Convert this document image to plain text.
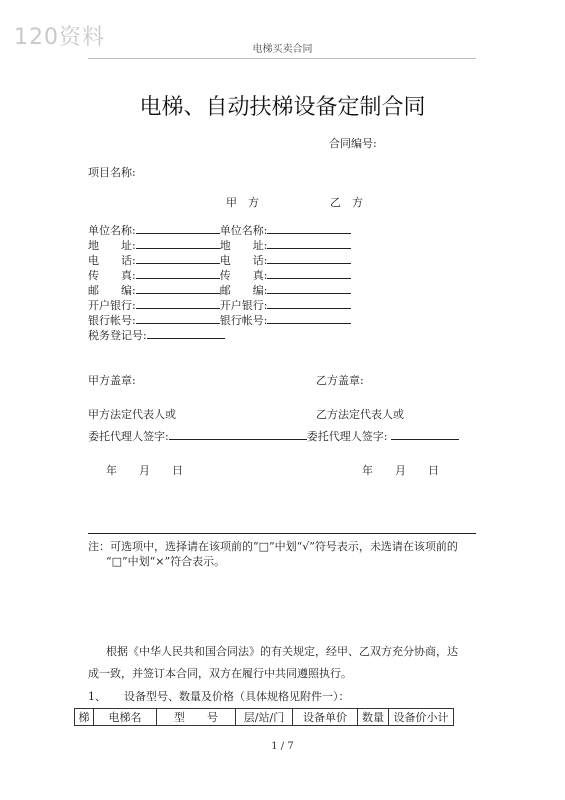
120资料	电梯买卖合同
电梯、自动扶梯设备定制合同
合同编号:
项目名称:
甲　方	乙　方
单位名称:	单位名称:
地　　址:	地　　址:
电　　话:	电　　话:
传　　真:	传　　真:
邮　　编:	邮　　编:
开户银行:	开户银行:
银行帐号:	银行帐号:
税务登记号:
甲方盖章:	乙方盖章:
甲方法定代表人或	乙方法定代表人或
委托代理人签字:	委托代理人签字:
年　　月　　日	年　　月　　日
注：可选项中，选择请在该项前的“□”中划“√”符号表示，未选请在该项前的
“□”中划“×”符合表示。
根据《中华人民共和国合同法》的有关规定，经甲、乙双方充分协商，达
成一致，并签订本合同，双方在履行中共同遵照执行。
1、 设备型号、数量及价格（具体规格见附件一）：
梯	电梯名	型　　号	层/站/门	设备单价	数量	设备价小计
1 / 7
